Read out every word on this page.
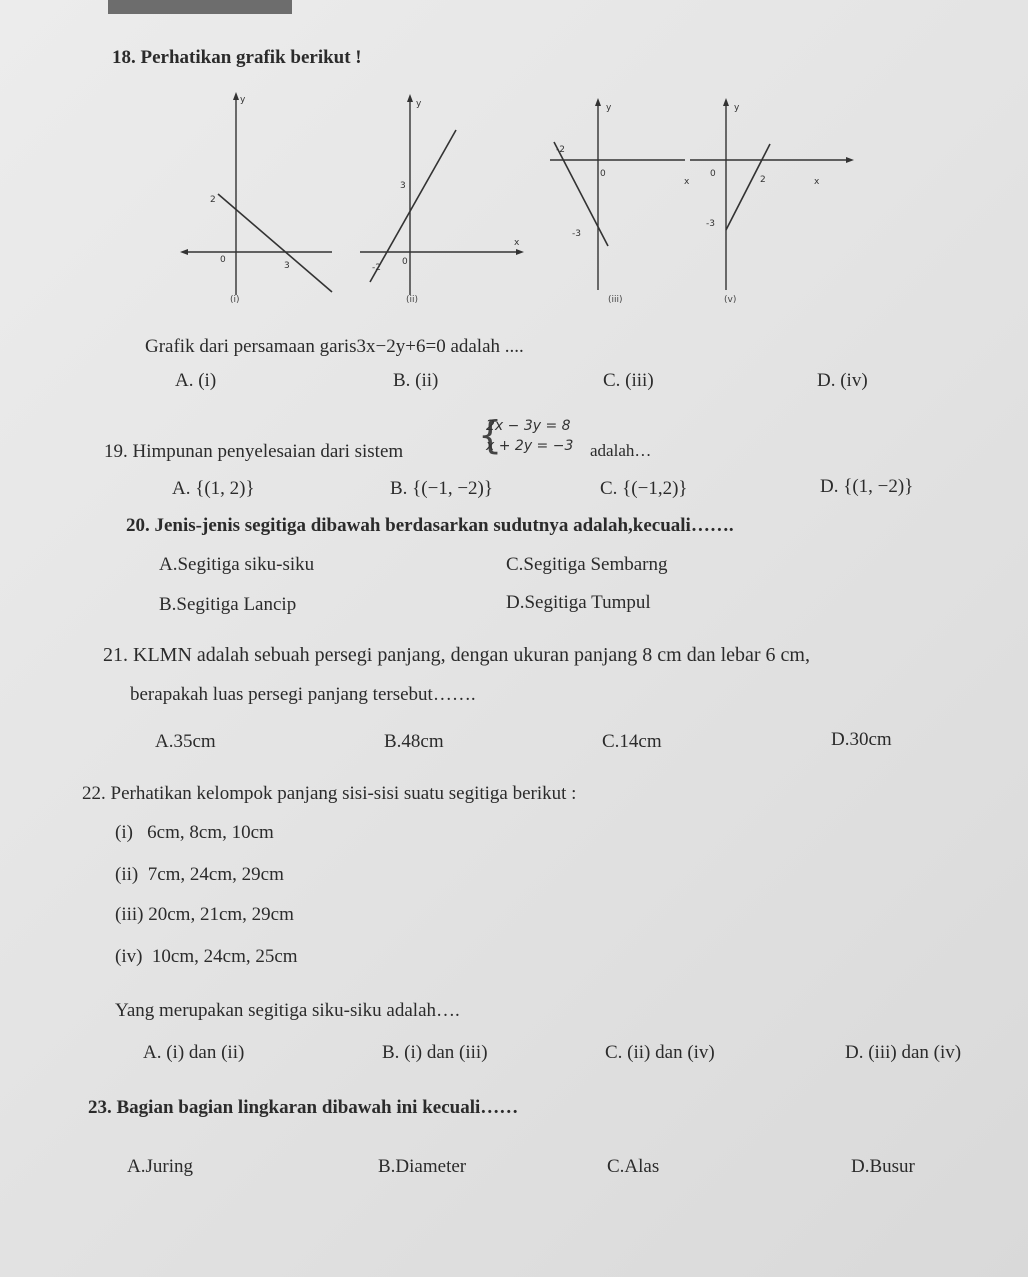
18. Perhatikan grafik berikut !
y
2
0
3
(i)
y
x
3
-2
0
(ii)
y
x
-2
0
-3
(iii)
y
x
0
2
-3
(v)
Grafik dari persamaan garis3x−2y+6=0 adalah ....
A. (i)	B. (ii)	C. (iii)	D. (iv)
19. Himpunan penyelesaian dari sistem {
2x − 3y = 8
x + 2y = −3 adalah…
A. {(1, 2)}	B. {(−1, −2)}	C. {(−1,2)}	D. {(1, −2)}
20. Jenis-jenis segitiga dibawah berdasarkan sudutnya adalah,kecuali…….
A.Segitiga siku-siku	C.Segitiga Sembarng
B.Segitiga Lancip	D.Segitiga Tumpul
21. KLMN adalah sebuah persegi panjang, dengan ukuran panjang 8 cm dan lebar 6 cm,
berapakah luas persegi panjang tersebut…….
A.35cm	B.48cm	C.14cm	D.30cm
22. Perhatikan kelompok panjang sisi-sisi suatu segitiga berikut :
(i)   6cm, 8cm, 10cm
(ii)  7cm, 24cm, 29cm
(iii) 20cm, 21cm, 29cm
(iv)  10cm, 24cm, 25cm
Yang merupakan segitiga siku-siku adalah….
A. (i) dan (ii)	B. (i) dan (iii)	C. (ii) dan (iv)	D. (iii) dan (iv)
23. Bagian bagian lingkaran dibawah ini kecuali……
A.Juring	B.Diameter	C.Alas	D.Busur
